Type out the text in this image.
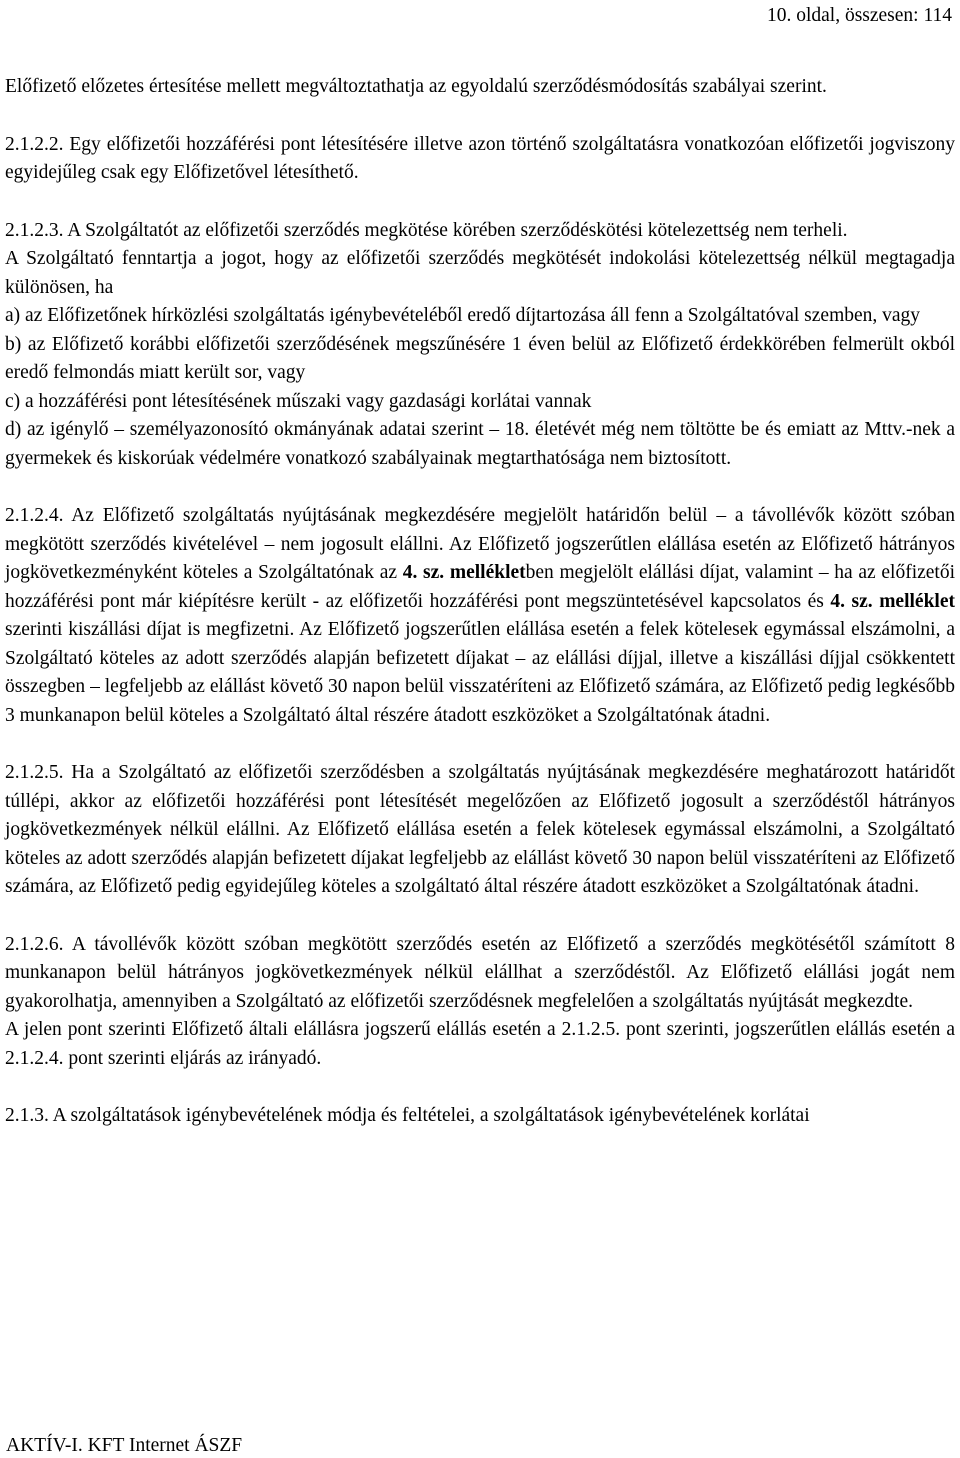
10. oldal, összesen: 114

Előfizető előzetes értesítése mellett megváltoztathatja az egyoldalú szerződésmódosítás szabályai szerint.

2.1.2.2. Egy előfizetői hozzáférési pont létesítésére illetve azon történő szolgáltatásra vonatkozóan előfizetői jogviszony egyidejűleg csak egy Előfizetővel létesíthető.

2.1.2.3. A Szolgáltatót az előfizetői szerződés megkötése körében szerződéskötési kötelezettség nem terheli.

A Szolgáltató fenntartja a jogot, hogy az előfizetői szerződés megkötését indokolási kötelezettség nélkül megtagadja különösen, ha

a) az Előfizetőnek hírközlési szolgáltatás igénybevételéből eredő díjtartozása áll fenn a Szolgáltatóval szemben, vagy

b) az Előfizető korábbi előfizetői szerződésének megszűnésére 1 éven belül az Előfizető érdekkörében felmerült okból eredő felmondás miatt került sor, vagy

c) a hozzáférési pont létesítésének műszaki vagy gazdasági korlátai vannak

d) az igénylő – személyazonosító okmányának adatai szerint – 18. életévét még nem töltötte be és emiatt az Mttv.-nek a gyermekek és kiskorúak védelmére vonatkozó szabályainak megtarthatósága nem biztosított.

2.1.2.4. Az Előfizető szolgáltatás nyújtásának megkezdésére megjelölt határidőn belül – a távollévők között szóban megkötött szerződés kivételével – nem jogosult elállni. Az Előfizető jogszerűtlen elállása esetén az Előfizető hátrányos jogkövetkezményként köteles a Szolgáltatónak az 4. sz. mellékletben megjelölt elállási díjat, valamint – ha az előfizetői hozzáférési pont már kiépítésre került - az előfizetői hozzáférési pont megszüntetésével kapcsolatos és 4. sz. melléklet szerinti kiszállási díjat is megfizetni. Az Előfizető jogszerűtlen elállása esetén a felek kötelesek egymással elszámolni, a Szolgáltató köteles az adott szerződés alapján befizetett díjakat – az elállási díjjal, illetve a kiszállási díjjal csökkentett összegben – legfeljebb az elállást követő 30 napon belül visszatéríteni az Előfizető számára, az Előfizető pedig legkésőbb 3 munkanapon belül köteles a Szolgáltató által részére átadott eszközöket a Szolgáltatónak átadni.

2.1.2.5. Ha a Szolgáltató az előfizetői szerződésben a szolgáltatás nyújtásának megkezdésére meghatározott határidőt túllépi, akkor az előfizetői hozzáférési pont létesítését megelőzően az Előfizető jogosult a szerződéstől hátrányos jogkövetkezmények nélkül elállni. Az Előfizető elállása esetén a felek kötelesek egymással elszámolni, a Szolgáltató köteles az adott szerződés alapján befizetett díjakat legfeljebb az elállást követő 30 napon belül visszatéríteni az Előfizető számára, az Előfizető pedig egyidejűleg köteles a szolgáltató által részére átadott eszközöket a Szolgáltatónak átadni.

2.1.2.6. A távollévők között szóban megkötött szerződés esetén az Előfizető a szerződés megkötésétől számított 8 munkanapon belül hátrányos jogkövetkezmények nélkül elállhat a szerződéstől. Az Előfizető elállási jogát nem gyakorolhatja, amennyiben a Szolgáltató az előfizetői szerződésnek megfelelően a szolgáltatás nyújtását megkezdte.

A jelen pont szerinti Előfizető általi elállásra jogszerű elállás esetén a 2.1.2.5. pont szerinti, jogszerűtlen elállás esetén a 2.1.2.4. pont szerinti eljárás az irányadó.

2.1.3. A szolgáltatások igénybevételének módja és feltételei, a szolgáltatások igénybevételének korlátai

AKTÍV-I. KFT Internet ÁSZF
